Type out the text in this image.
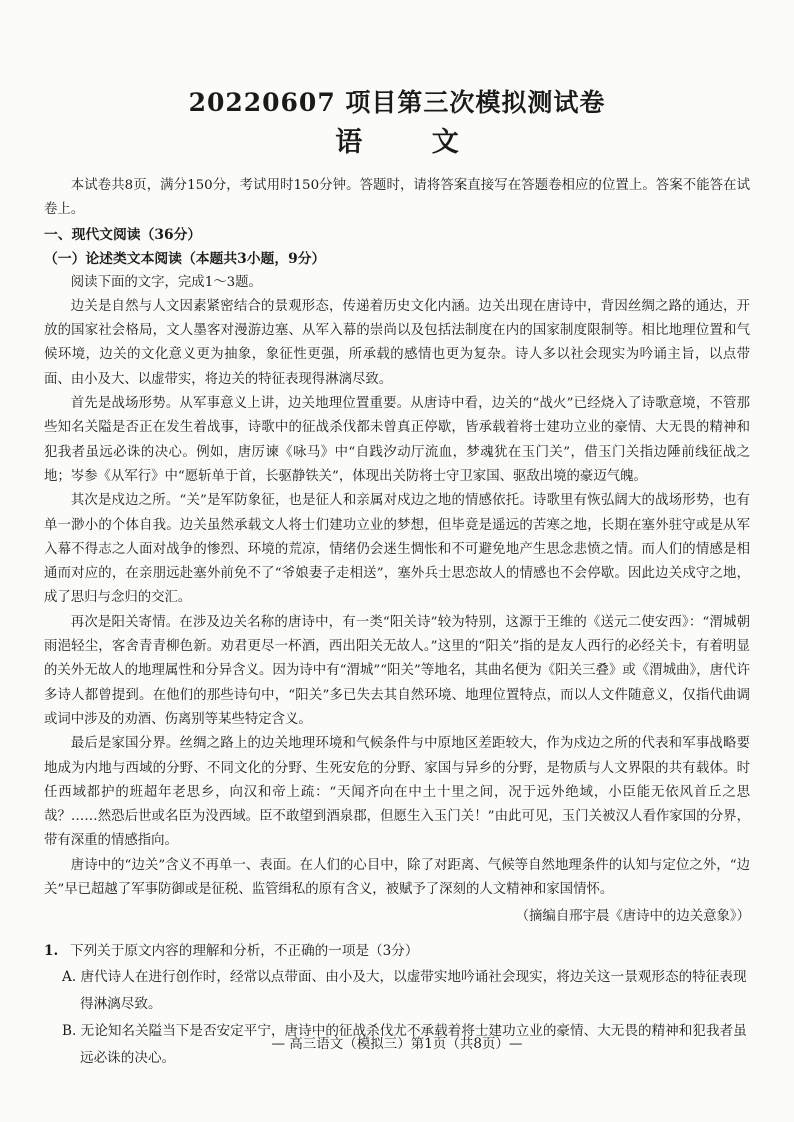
20220607 项目第三次模拟测试卷
语 文

本试卷共8页，满分150分，考试用时150分钟。答题时，请将答案直接写在答题卷相应的位置上。答案不能答在试卷上。

一、现代文阅读（36分）

（一）论述类文本阅读（本题共3小题，9分）

阅读下面的文字，完成1～3题。

边关是自然与人文因素紧密结合的景观形态，传递着历史文化内涵。边关出现在唐诗中，背因丝绸之路的通达，开放的国家社会格局，文人墨客对漫游边塞、从军入幕的崇尚以及包括法制度在内的国家制度限制等。相比地理位置和气候环境，边关的文化意义更为抽象，象征性更强，所承载的感情也更为复杂。诗人多以社会现实为吟诵主旨，以点带面、由小及大、以虚带实，将边关的特征表现得淋漓尽致。

首先是战场形势。从军事意义上讲，边关地理位置重要。从唐诗中看，边关的“战火”已经烧入了诗歌意境，不管那些知名关隘是否正在发生着战事，诗歌中的征战杀伐都未曾真正停歇，皆承载着将士建功立业的豪情、大无畏的精神和犯我者虽远必诛的决心。例如，唐厉谏《咏马》中“自践汐动厅流血，梦魂犹在玉门关”，借玉门关指边陲前线征战之地；岑参《从军行》中“愿斩单于首，长驱静铁关”，体现出关防将士守卫家国、驱敌出境的豪迈气魄。

其次是戍边之所。“关”是军防象征，也是征人和亲属对戍边之地的情感依托。诗歌里有恢弘阔大的战场形势，也有单一渺小的个体自我。边关虽然承载文人将士们建功立业的梦想，但毕竟是遥远的苦寒之地，长期在塞外驻守或是从军入幕不得志之人面对战争的惨烈、环境的荒凉，情绪仍会迷生惆怅和不可避免地产生思念悲愤之情。而人们的情感是相通而对应的，在亲朋远赴塞外前免不了“爷娘妻子走相送”，塞外兵士思恋故人的情感也不会停歇。因此边关戍守之地，成了思归与念归的交汇。

再次是阳关寄情。在涉及边关名称的唐诗中，有一类“阳关诗”较为特别，这源于王维的《送元二使安西》：“渭城朝雨浥轻尘，客舍青青柳色新。劝君更尽一杯酒，西出阳关无故人。”这里的“阳关”指的是友人西行的必经关卡，有着明显的关外无故人的地理属性和分异含义。因为诗中有“渭城”“阳关”等地名，其曲名便为《阳关三叠》或《渭城曲》，唐代许多诗人都曾提到。在他们的那些诗句中，“阳关”多已失去其自然环境、地理位置特点，而以人文件随意义，仅指代曲调或词中涉及的劝酒、伤离别等某些特定含义。

最后是家国分界。丝绸之路上的边关地理环境和气候条件与中原地区差距较大，作为戍边之所的代表和军事战略要地成为内地与西域的分野、不同文化的分野、生死安危的分野、家国与异乡的分野，是物质与人文界限的共有载体。时任西域都护的班超年老思乡，向汉和帝上疏：“天闻齐向在中土十里之间，况于远外绝域，小臣能无依风首丘之思哉？……然恐后世或名臣为没西域。臣不敢望到酒泉郡，但愿生入玉门关！”由此可见，玉门关被汉人看作家国的分界，带有深重的情感指向。

唐诗中的“边关”含义不再单一、表面。在人们的心目中，除了对距离、气候等自然地理条件的认知与定位之外，“边关”早已超越了军事防御或是征税、监管缉私的原有含义，被赋予了深刻的人文精神和家国情怀。

（摘编自邢宇晨《唐诗中的边关意象》）

1. 下列关于原文内容的理解和分析，不正确的一项是（3分）

A. 唐代诗人在进行创作时，经常以点带面、由小及大，以虚带实地吟诵社会现实，将边关这一景观形态的特征表现得淋漓尽致。

B. 无论知名关隘当下是否安定平宁，唐诗中的征战杀伐尤不承载着将士建功立业的豪情、大无畏的精神和犯我者虽远必诛的决心。

— 高三语文（模拟三）第1页（共8页）—
